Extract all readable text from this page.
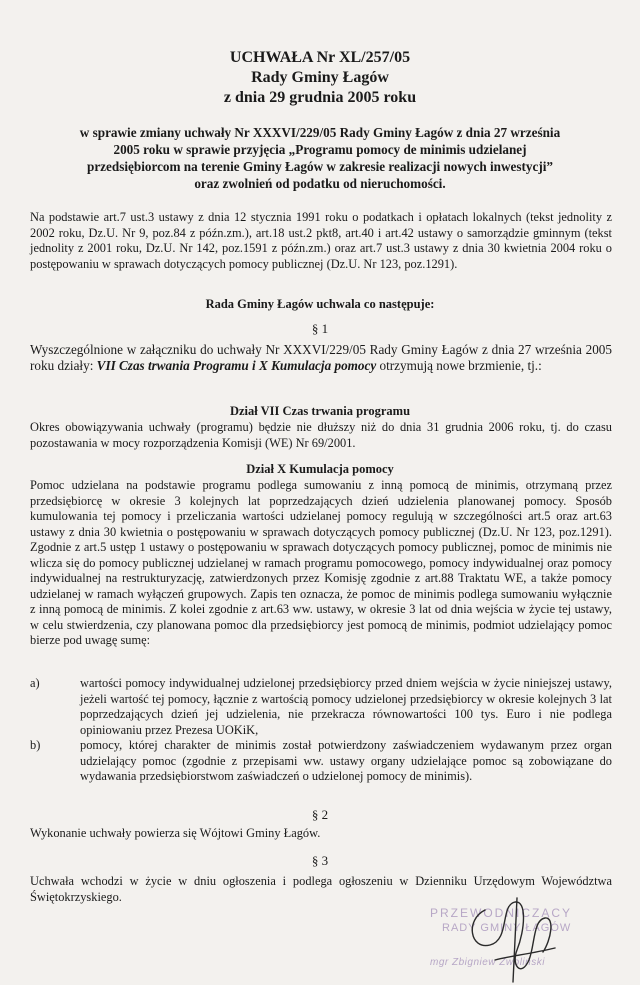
UCHWAŁA Nr XL/257/05
Rady Gminy Łagów
z dnia 29 grudnia 2005 roku
w sprawie zmiany uchwały Nr XXXVI/229/05 Rady Gminy Łagów z dnia 27 września
2005 roku w sprawie przyjęcia „Programu pomocy de minimis udzielanej
przedsiębiorcom na terenie Gminy Łagów w zakresie realizacji nowych inwestycji”
oraz zwolnień od podatku od nieruchomości.
Na podstawie art.7 ust.3 ustawy z dnia 12 stycznia 1991 roku o podatkach i opłatach lokalnych (tekst jednolity z 2002 roku, Dz.U. Nr 9, poz.84 z późn.zm.), art.18 ust.2 pkt8, art.40 i art.42 ustawy o samorządzie gminnym (tekst jednolity z 2001 roku, Dz.U. Nr 142, poz.1591 z późn.zm.) oraz art.7 ust.3 ustawy z dnia 30 kwietnia 2004 roku o postępowaniu w sprawach dotyczących pomocy publicznej (Dz.U. Nr 123, poz.1291).
Rada Gminy Łagów uchwala co następuje:
§ 1
Wyszczególnione w załączniku do uchwały Nr XXXVI/229/05 Rady Gminy Łagów z dnia 27 września 2005 roku działy: VII Czas trwania Programu i X Kumulacja pomocy otrzymują nowe brzmienie, tj.:
Dział VII Czas trwania programu
Okres obowiązywania uchwały (programu) będzie nie dłuższy niż do dnia 31 grudnia 2006 roku, tj. do czasu pozostawania w mocy rozporządzenia Komisji (WE) Nr 69/2001.
Dział X Kumulacja pomocy
Pomoc udzielana na podstawie programu podlega sumowaniu z inną pomocą de minimis, otrzymaną przez przedsiębiorcę w okresie 3 kolejnych lat poprzedzających dzień udzielenia planowanej pomocy. Sposób kumulowania tej pomocy i przeliczania wartości udzielanej pomocy regulują w szczególności art.5 oraz art.63 ustawy z dnia 30 kwietnia o postępowaniu w sprawach dotyczących pomocy publicznej (Dz.U. Nr 123, poz.1291). Zgodnie z art.5 ustęp 1 ustawy o postępowaniu w sprawach dotyczących pomocy publicznej, pomoc de minimis nie wlicza się do pomocy publicznej udzielanej w ramach programu pomocowego, pomocy indywidualnej oraz pomocy indywidualnej na restrukturyzację, zatwierdzonych przez Komisję zgodnie z art.88 Traktatu WE, a także pomocy udzielanej w ramach wyłączeń grupowych. Zapis ten oznacza, że pomoc de minimis podlega sumowaniu wyłącznie z inną pomocą de minimis. Z kolei zgodnie z art.63 ww. ustawy, w okresie 3 lat od dnia wejścia w życie tej ustawy, w celu stwierdzenia, czy planowana pomoc dla przedsiębiorcy jest pomocą de minimis, podmiot udzielający pomoc bierze pod uwagę sumę:
a)	wartości pomocy indywidualnej udzielonej przedsiębiorcy przed dniem wejścia w życie niniejszej ustawy, jeżeli wartość tej pomocy, łącznie z wartością pomocy udzielonej przedsiębiorcy w okresie kolejnych 3 lat poprzedzających dzień jej udzielenia, nie przekracza równowartości 100 tys. Euro i nie podlega opiniowaniu przez Prezesa UOKiK,
b)	pomocy, której charakter de minimis został potwierdzony zaświadczeniem wydawanym przez organ udzielający pomoc (zgodnie z przepisami ww. ustawy organy udzielające pomoc są zobowiązane do wydawania przedsiębiorstwom zaświadczeń o udzielonej pomocy de minimis).
§ 2
Wykonanie uchwały powierza się Wójtowi Gminy Łagów.
§ 3
Uchwała wchodzi w życie w dniu ogłoszenia i podlega ogłoszeniu w Dzienniku Urzędowym Województwa Świętokrzyskiego.
PRZEWODNICZĄCY
RADY GMINY ŁAGÓW
mgr Zbigniew Zwoliński
